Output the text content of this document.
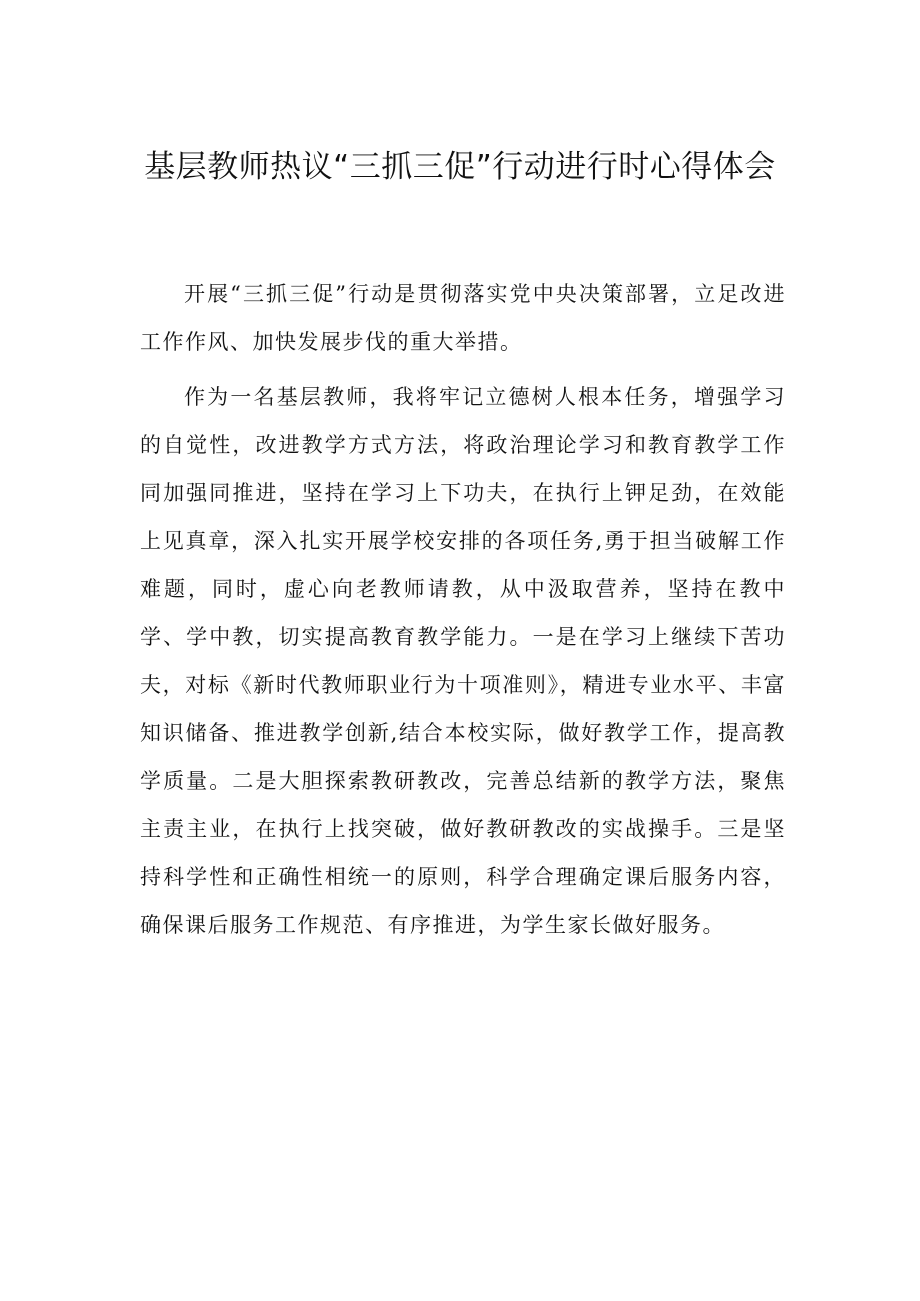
基层教师热议“三抓三促”行动进行时心得体会

开展“三抓三促”行动是贯彻落实党中央决策部署，立足改进工作作风、加快发展步伐的重大举措。

作为一名基层教师，我将牢记立德树人根本任务，增强学习的自觉性，改进教学方式方法，将政治理论学习和教育教学工作同加强同推进，坚持在学习上下功夫，在执行上钾足劲，在效能上见真章，深入扎实开展学校安排的各项任务,勇于担当破解工作难题，同时，虚心向老教师请教，从中汲取营养，坚持在教中学、学中教，切实提高教育教学能力。一是在学习上继续下苦功夫，对标《新时代教师职业行为十项准则》，精进专业水平、丰富知识储备、推进教学创新,结合本校实际，做好教学工作，提高教学质量。二是大胆探索教研教改，完善总结新的教学方法，聚焦主责主业，在执行上找突破，做好教研教改的实战操手。三是坚持科学性和正确性相统一的原则，科学合理确定课后服务内容，确保课后服务工作规范、有序推进，为学生家长做好服务。
